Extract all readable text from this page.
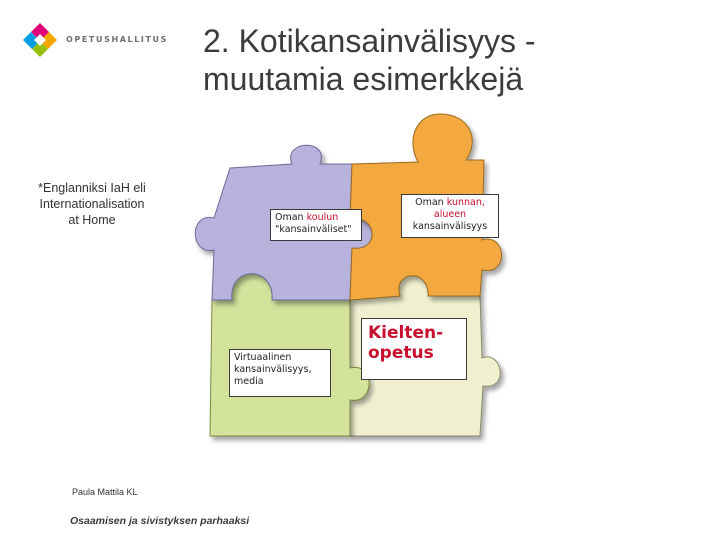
OPETUSHALLITUS 2. Kotikansainvälisyys -
muutamia esimerkkejä
*Englanniksi IaH eli
Internationalisation
at Home	Oman koulun
"kansainväliset"
Oman kunnan,
alueen
kansainvälisyys
Virtuaalinen
kansainvälisyys,
media
Kielten-
opetus
Paula Mattila KL
Osaamisen ja sivistyksen parhaaksi
